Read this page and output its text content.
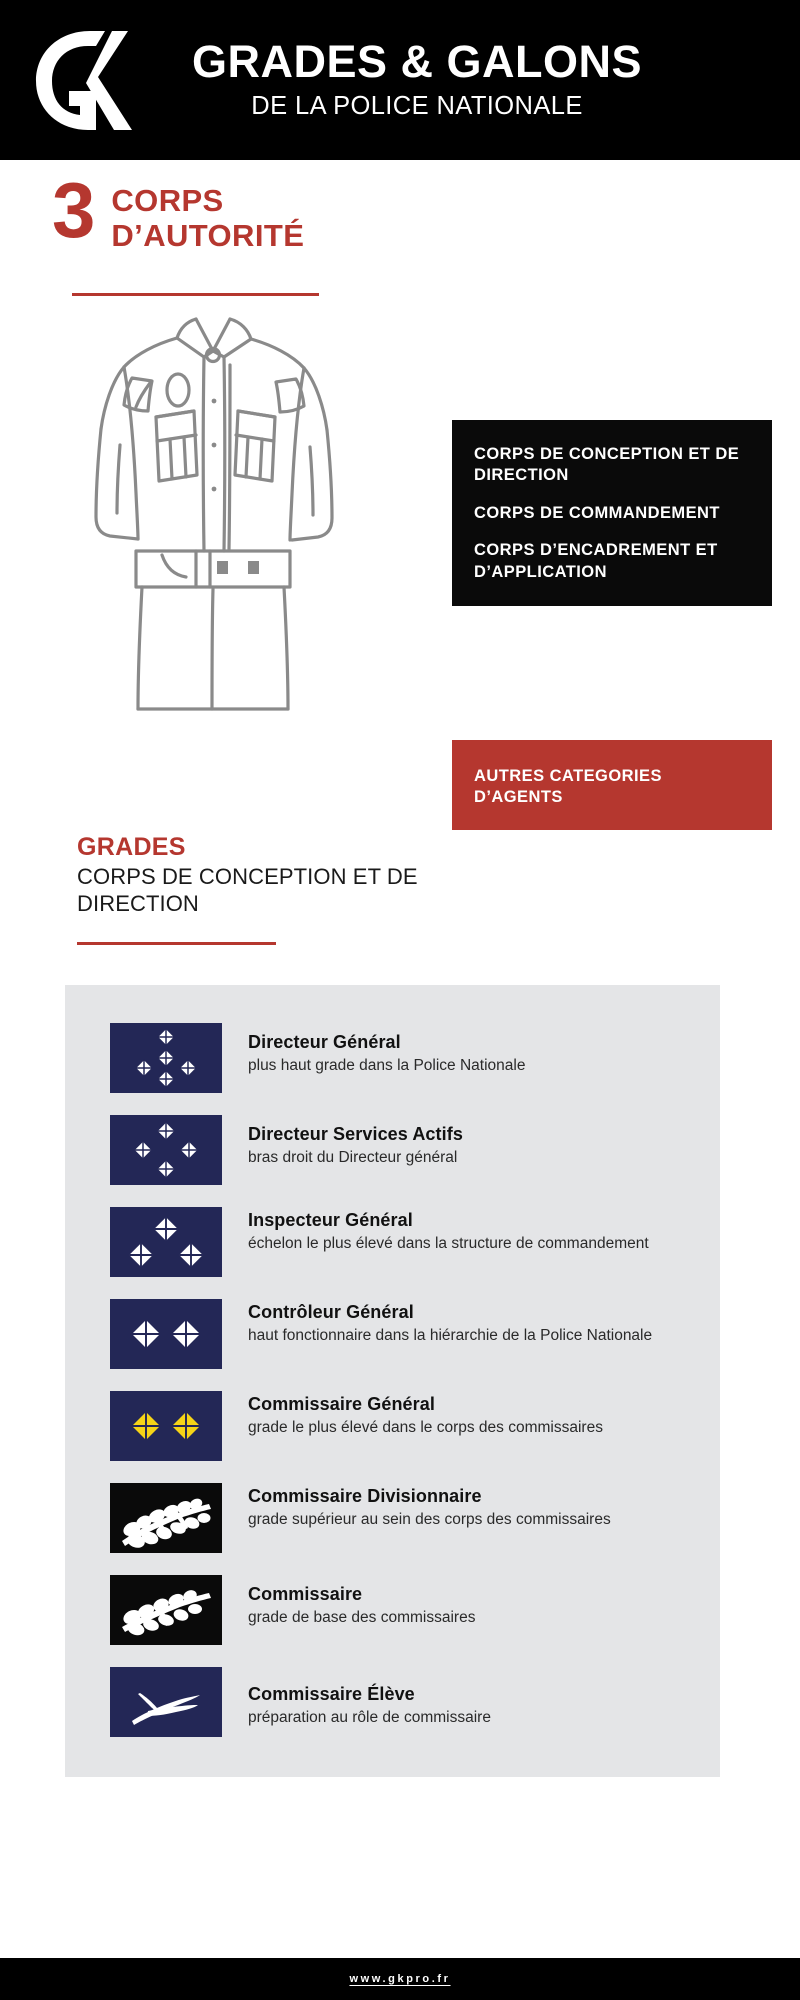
GRADES & GALONS
DE LA POLICE NATIONALE
3 CORPS
D’AUTORITÉ

CORPS DE CONCEPTION ET DE DIRECTION

CORPS DE COMMANDEMENT

CORPS D’ENCADREMENT ET D’APPLICATION

AUTRES CATEGORIES D’AGENTS

GRADES
CORPS DE CONCEPTION ET DE DIRECTION
Directeur Général
plus haut grade dans la Police Nationale
Directeur Services Actifs
bras droit du Directeur général
Inspecteur Général
échelon le plus élevé dans la structure de commandement
Contrôleur Général
haut fonctionnaire dans la hiérarchie de la Police Nationale
Commissaire Général
grade le plus élevé dans le corps des commissaires
Commissaire Divisionnaire
grade supérieur au sein des corps des commissaires
Commissaire
grade de base des commissaires
Commissaire Élève
préparation au rôle de commissaire
www.gkpro.fr
